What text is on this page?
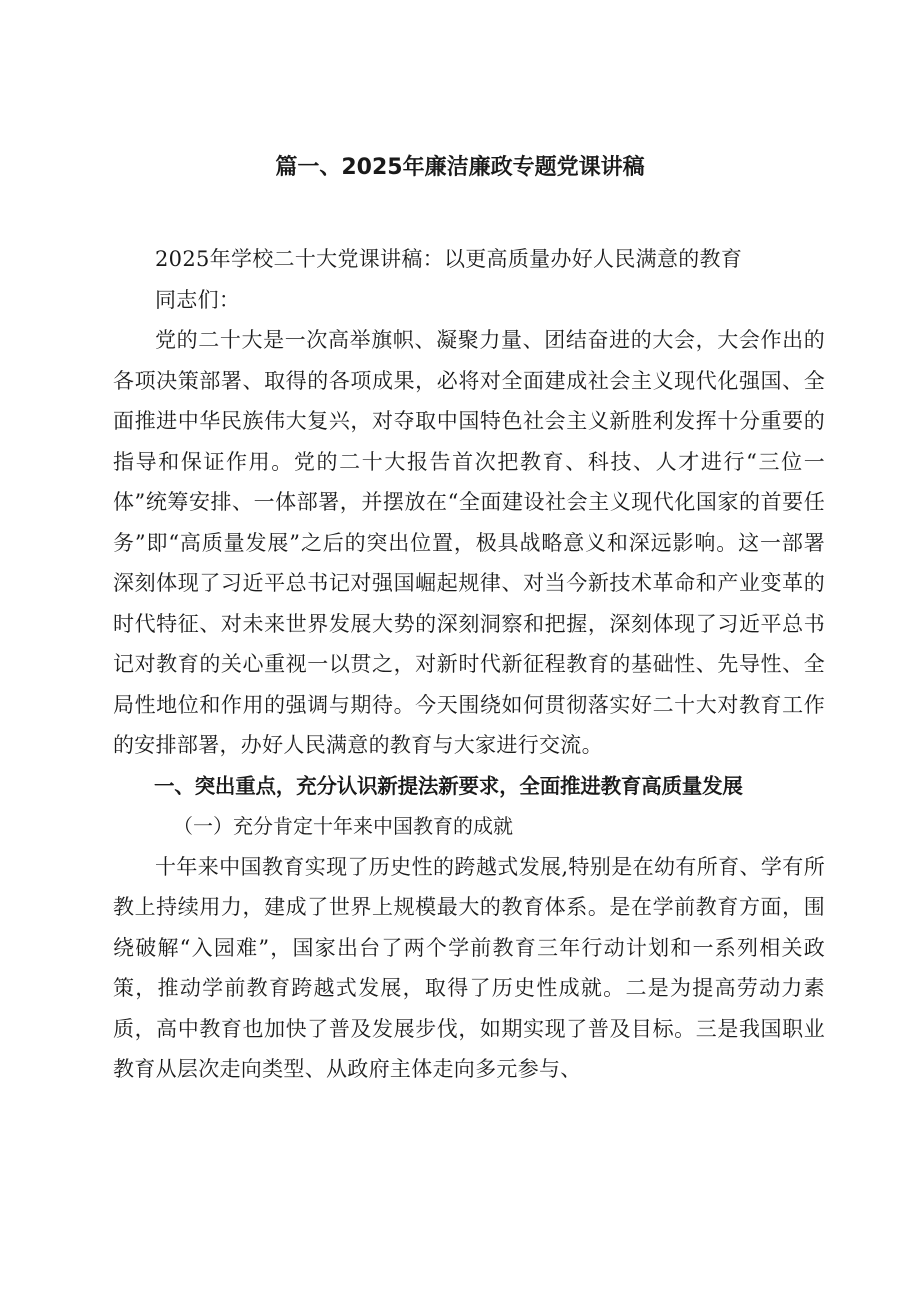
篇一、2025年廉洁廉政专题党课讲稿

2025年学校二十大党课讲稿：以更高质量办好人民满意的教育

同志们：

党的二十大是一次高举旗帜、凝聚力量、团结奋进的大会，大会作出的各项决策部署、取得的各项成果，必将对全面建成社会主义现代化强国、全面推进中华民族伟大复兴，对夺取中国特色社会主义新胜利发挥十分重要的指导和保证作用。党的二十大报告首次把教育、科技、人才进行“三位一体”统筹安排、一体部署，并摆放在“全面建设社会主义现代化国家的首要任务”即“高质量发展”之后的突出位置，极具战略意义和深远影响。这一部署深刻体现了习近平总书记对强国崛起规律、对当今新技术革命和产业变革的时代特征、对未来世界发展大势的深刻洞察和把握，深刻体现了习近平总书记对教育的关心重视一以贯之，对新时代新征程教育的基础性、先导性、全局性地位和作用的强调与期待。今天围绕如何贯彻落实好二十大对教育工作的安排部署，办好人民满意的教育与大家进行交流。

一、突出重点，充分认识新提法新要求，全面推进教育高质量发展
（一）充分肯定十年来中国教育的成就

十年来中国教育实现了历史性的跨越式发展,特别是在幼有所育、学有所教上持续用力，建成了世界上规模最大的教育体系。是在学前教育方面，围绕破解“入园难”，国家出台了两个学前教育三年行动计划和一系列相关政策，推动学前教育跨越式发展，取得了历史性成就。二是为提高劳动力素质，高中教育也加快了普及发展步伐，如期实现了普及目标。三是我国职业教育从层次走向类型、从政府主体走向多元参与、
